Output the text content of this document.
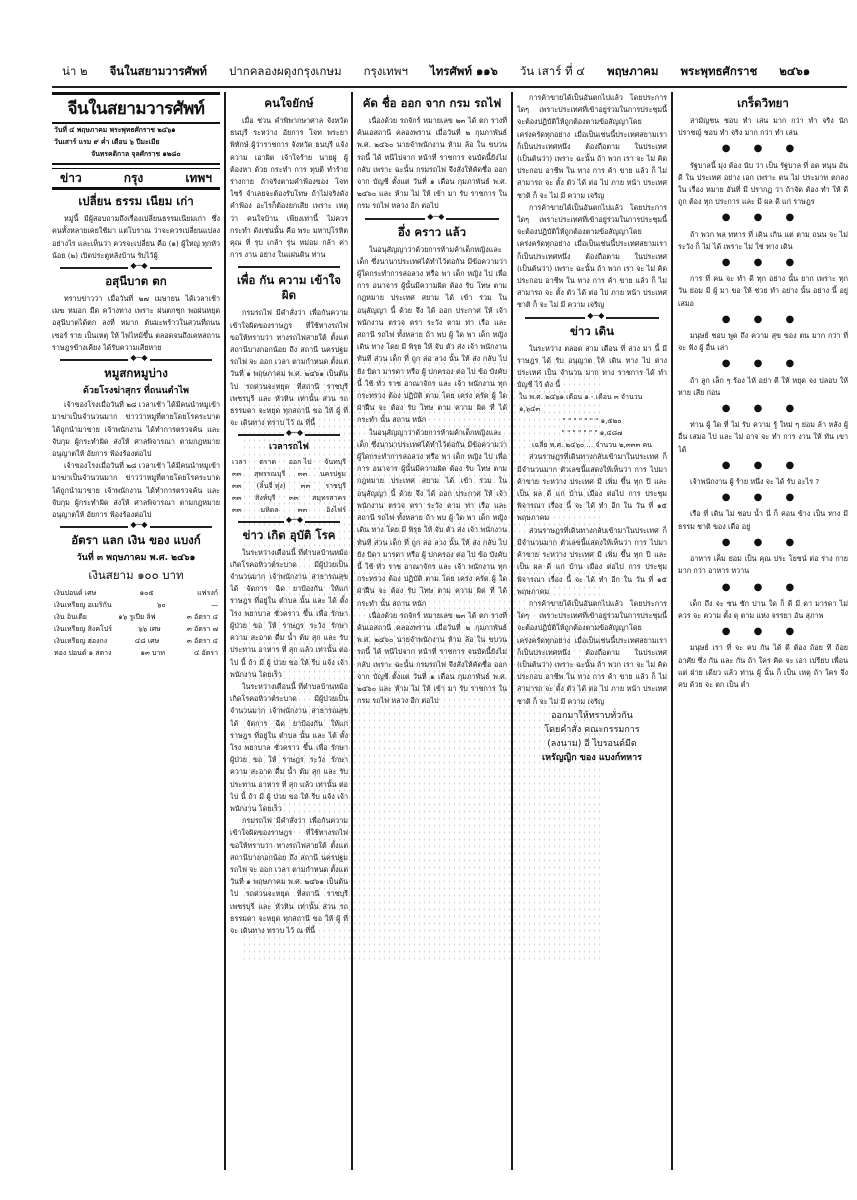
น่า ๒ จีนในสยามวารศัพท์ ปากคลองผดุงกรุงเกษม กรุงเทพฯ ไทรศัพท์ ๑๑๖ วัน เสาร์ ที่ ๔ พฤษภาคม พระพุทธศักราช ๒๔๖๑
จีนในสยามวารศัพท์
วันที่ ๔ พฤษภาคม พระพุทธศักราช ๒๔๖๑
วันเสาร์ แรม ๙ ค่ำ เดือน ๖ ปีมะเมีย
จันทรคติกาล จุลศักราช ๑๒๘๐
ข่าว	กรุง	เทพฯ
เปลี่ยน ธรรม เนียม เก่า

หมู่นี้ มีผู้สอบถามถึงเรื่องเปลี่ยนธรรมเนียมเก่า ซึ่งคนทั้งหลายเคยใช้มา แต่โบราณ ว่าจะควรเปลี่ยนแปลงอย่างไร และเห็นว่า ควรจะเปลี่ยน คือ (๑) ผู้ใหญ่ ทุกหัว น้อย (๒) เปิดประตูหลังบ้าน รับไว้ผู้

◆─◆
อสุนีบาต ตก

ทราบข่าวว่า เมื่อวันที่ ๒๗ เมษายน ได้เวลาเช้า เมฆ หมอก มืด คว้างทาง เพราะ ฝนตกชุก พอฝนหยุด อสุนีบาตได้ตก ลงที่ หมาก ต้นมะพร้าวในสวนที่ถนนเซอร์ ราย เป็นเหตุ ให้ ไฟไหม้ขึ้น ตลอดจนถึงเคหสถาน ราษฎรข้างเคียง ได้รับความเสียหาย

◆─◆
หมูสกหมูบ่าง
ด้วยโรงฆ่าสุกร ที่ถนนตำไพ

เจ้าของโรงเมื่อวันที่ ๒๘ เวลาเช้า ได้มีคนนำหมูเข้ามาฆ่าเป็นจำนวนมาก ข่าวว่าหมูที่ตายโดยโรคระบาด ได้ถูกนำมาขาย เจ้าพนักงาน ได้ทำการตรวจค้น และจับกุม ผู้กระทำผิด ส่งให้ ศาลพิจารณา ตามกฎหมาย อนุญาตให้ อัยการ ฟ้องร้องต่อไป

เจ้าของโรงเมื่อวันที่ ๒๘ เวลาเช้า ได้มีคนนำหมูเข้ามาฆ่าเป็นจำนวนมาก ข่าวว่าหมูที่ตายโดยโรคระบาด ได้ถูกนำมาขาย เจ้าพนักงาน ได้ทำการตรวจค้น และจับกุม ผู้กระทำผิด ส่งให้ ศาลพิจารณา ตามกฎหมาย อนุญาตให้ อัยการ ฟ้องร้องต่อไป

◆─◆
อัตรา แลก เงิน ของ แบงก์
วันที่ ๓ พฤษภาคม พ.ศ. ๒๔๖๑
เงินสยาม ๑๐๐ บาท
เงินปอนด์ เศษ	๑๐๕	แฟรงก์
เงินเหรียญ อเมริกัน	๖๐	—
เงิน อินเดีย	๑๖ รูเปีย ลิฟ	๓ อัตรา ๔
เงินเหรียญ สิงคโปร์	๖๖ เศษ	๓ อัตรา ๗
เงินเหรียญ ฮ่องกง	๔๘ เศษ	๓ อัตรา ๔
ทอง ปอนด์ ๑ สตาง	๑๓ บาท	๔ อัตรา
คนใจยักษ์

เมื่อ ช่วน คำพิพากษาศาล จังหวัด ธนบุรี ระหว่าง อัยการ โจท พระยา พิทักษ์ ผู้ว่าราชการ จังหวัด ธนบุรี แจ้ง ความ เอาผิด เจ้าใจร้าย นายฝู ผู้ ต้องหา ด้วย กระทำ การ ทุบตี ทำร้าย ร่างกาย ถ้าจริงตามคำฟ้องของ โจท ไซร้ จำเลยจะต้องรับโทษ ถ้าไม่จริงดังคำฟ้อง อะไรก็ต้องยกเสีย เพราะ เหตุ ว่า คนใจบ้าน เพียงเท่านี้ ไม่ควรกระทำ ดังเช่นนั้น คือ พระ มหาปุโรหิต คุณ ที่ รุบ เกล้า รุ่น หม่อม กล้า ค่า การ งาน อย่าง ในแผ่นดิน ท่าน

เพื่อ กัน ความ เข้าใจ ผิด

กรมรถไฟ มีคำสั่งว่า เพื่อกันความเข้าใจผิดของราษฎร ที่ใช้ทางรถไฟ ขอให้ทราบว่า ทางรถไฟสายใต้ ตั้งแต่ สถานีบางกอกน้อย ถึง สถานี นครปฐม รถไฟ จะ ออก เวลา ตามกำหนด ตั้งแต่วันที่ ๑ พฤษภาคม พ.ศ. ๒๔๖๑ เป็นต้นไป รถด่วนจะหยุด ที่สถานี ราชบุรี เพชรบุรี และ หัวหิน เท่านั้น ส่วน รถธรรมดา จะหยุด ทุกสถานี ขอ ให้ ผู้ ที่ จะ เดินทาง ทราบ ไว้ ณ ที่นี้

◆─◆
เวลารถไฟ
เวลา ตราด ออก ไป จันทบุรี
๓๓ สุพรรณบุรี ๓๓ นครปฐม
๓๓ (ลิ้นจี่ ทุ่ง) ๓๓ ราชบุรี
๓๓ สิงห์บุรี ๓๓ สมุทรสาคร
๓๓	มหิดล	๓๓	อิงไฟร์
◆─◆
ข่าว เกิด อุบัติ โรค

ในระหว่างเดือนนี้ ที่ตำบลบ้านหม้อ เกิดโรคอหิวาต์ระบาด มีผู้ป่วยเป็นจำนวนมาก เจ้าพนักงาน สาธารณสุข ได้ จัดการ ฉีด ยาป้องกัน ให้แก่ ราษฎร ที่อยู่ใน ตำบล นั้น และ ได้ ตั้ง โรง พยาบาล ชั่วคราว ขึ้น เพื่อ รักษา ผู้ป่วย ขอ ให้ ราษฎร ระวัง รักษา ความ สะอาด ดื่ม น้ำ ต้ม สุก และ รับประทาน อาหาร ที่ สุก แล้ว เท่านั้น ต่อ ไป นี้ ถ้า มี ผู้ ป่วย ขอ ให้ รีบ แจ้ง เจ้าพนักงาน โดยเร็ว

ในระหว่างเดือนนี้ ที่ตำบลบ้านหม้อ เกิดโรคอหิวาต์ระบาด มีผู้ป่วยเป็นจำนวนมาก เจ้าพนักงาน สาธารณสุข ได้ จัดการ ฉีด ยาป้องกัน ให้แก่ ราษฎร ที่อยู่ใน ตำบล นั้น และ ได้ ตั้ง โรง พยาบาล ชั่วคราว ขึ้น เพื่อ รักษา ผู้ป่วย ขอ ให้ ราษฎร ระวัง รักษา ความ สะอาด ดื่ม น้ำ ต้ม สุก และ รับประทาน อาหาร ที่ สุก แล้ว เท่านั้น ต่อ ไป นี้ ถ้า มี ผู้ ป่วย ขอ ให้ รีบ แจ้ง เจ้าพนักงาน โดยเร็ว

กรมรถไฟ มีคำสั่งว่า เพื่อกันความเข้าใจผิดของราษฎร ที่ใช้ทางรถไฟ ขอให้ทราบว่า ทางรถไฟสายใต้ ตั้งแต่ สถานีบางกอกน้อย ถึง สถานี นครปฐม รถไฟ จะ ออก เวลา ตามกำหนด ตั้งแต่วันที่ ๑ พฤษภาคม พ.ศ. ๒๔๖๑ เป็นต้นไป รถด่วนจะหยุด ที่สถานี ราชบุรี เพชรบุรี และ หัวหิน เท่านั้น ส่วน รถธรรมดา จะหยุด ทุกสถานี ขอ ให้ ผู้ ที่ จะ เดินทาง ทราบ ไว้ ณ ที่นี้

คัด ชื่อ ออก จาก กรม รถไฟ

เนื่องด้วย รถจักร์ หมายเลข ๒๓ ได้ ตก รางที่ค้นเอสถานี คลองพราน เมื่อวันที่ ๒ กุมภาพันธ์ พ.ศ. ๒๔๖๐ นายจำพนักงาน ห้าม ล้อ ใน ขบวน รถนี้ ได้ หนีไปจาก หน้าที่ ราชการ จนบัดนี้ยังไม่กลับ เพราะ ฉะนั้น กรมรถไฟ จึงสั่งให้คัดชื่อ ออกจาก บัญชี ตั้งแต่ วันที่ ๑ เดือน กุมภาพันธ์ พ.ศ. ๒๔๖๐ และ ห้าม ไม่ ให้ เข้า มา รับ ราชการ ใน กรม รถไฟ หลวง อีก ต่อไป

◆─◆
อึ่ง คราว แล้ว

ในอนุสัญญาว่าด้วยการห้ามค้าเด็กหญิงและเด็ก ซึ่งนานาประเทศได้ทำไว้ต่อกัน มีข้อความว่า ผู้ใดกระทำการล่อลวง หรือ พา เด็ก หญิง ไป เพื่อ การ อนาจาร ผู้นั้นมีความผิด ต้อง รับ โทษ ตาม กฎหมาย ประเทศ สยาม ได้ เข้า ร่วม ใน อนุสัญญา นี้ ด้วย จึง ได้ ออก ประกาศ ให้ เจ้าพนักงาน ตรวจ ตรา ระวัง ตาม ท่า เรือ และ สถานี รถไฟ ทั้งหลาย ถ้า พบ ผู้ ใด พา เด็ก หญิง เดิน ทาง โดย มี พิรุธ ให้ จับ ตัว ส่ง เจ้า พนักงาน ทันที ส่วน เด็ก ที่ ถูก ล่อ ลวง นั้น ให้ ส่ง กลับ ไป ยัง บิดา มารดา หรือ ผู้ ปกครอง ต่อ ไป ข้อ บังคับ นี้ ใช้ ทั่ว ราช อาณาจักร และ เจ้า พนักงาน ทุก กระทรวง ต้อง ปฏิบัติ ตาม โดย เคร่ง ครัด ผู้ ใด ฝ่าฝืน จะ ต้อง รับ โทษ ตาม ความ ผิด ที่ ได้ กระทำ นั้น สถาน หนัก

ในอนุสัญญาว่าด้วยการห้ามค้าเด็กหญิงและเด็ก ซึ่งนานาประเทศได้ทำไว้ต่อกัน มีข้อความว่า ผู้ใดกระทำการล่อลวง หรือ พา เด็ก หญิง ไป เพื่อ การ อนาจาร ผู้นั้นมีความผิด ต้อง รับ โทษ ตาม กฎหมาย ประเทศ สยาม ได้ เข้า ร่วม ใน อนุสัญญา นี้ ด้วย จึง ได้ ออก ประกาศ ให้ เจ้าพนักงาน ตรวจ ตรา ระวัง ตาม ท่า เรือ และ สถานี รถไฟ ทั้งหลาย ถ้า พบ ผู้ ใด พา เด็ก หญิง เดิน ทาง โดย มี พิรุธ ให้ จับ ตัว ส่ง เจ้า พนักงาน ทันที ส่วน เด็ก ที่ ถูก ล่อ ลวง นั้น ให้ ส่ง กลับ ไป ยัง บิดา มารดา หรือ ผู้ ปกครอง ต่อ ไป ข้อ บังคับ นี้ ใช้ ทั่ว ราช อาณาจักร และ เจ้า พนักงาน ทุก กระทรวง ต้อง ปฏิบัติ ตาม โดย เคร่ง ครัด ผู้ ใด ฝ่าฝืน จะ ต้อง รับ โทษ ตาม ความ ผิด ที่ ได้ กระทำ นั้น สถาน หนัก

เนื่องด้วย รถจักร์ หมายเลข ๒๓ ได้ ตก รางที่ค้นเอสถานี คลองพราน เมื่อวันที่ ๒ กุมภาพันธ์ พ.ศ. ๒๔๖๐ นายจำพนักงาน ห้าม ล้อ ใน ขบวน รถนี้ ได้ หนีไปจาก หน้าที่ ราชการ จนบัดนี้ยังไม่กลับ เพราะ ฉะนั้น กรมรถไฟ จึงสั่งให้คัดชื่อ ออกจาก บัญชี ตั้งแต่ วันที่ ๑ เดือน กุมภาพันธ์ พ.ศ. ๒๔๖๐ และ ห้าม ไม่ ให้ เข้า มา รับ ราชการ ใน กรม รถไฟ หลวง อีก ต่อไป

การค้าขายได้เป็นอันตกไปแล้ว โดยประการใดๆ เพราะประเทศที่เข้าอยู่ร่วมในการประชุมนี้ จะต้องปฏิบัติให้ถูกต้องตามข้อสัญญาโดยเคร่งครัดทุกอย่าง เมื่อเป็นเช่นนี้ประเทศสยามเราก็เป็นประเทศหนึ่ง ต้องถือตาม ในประเทศ (เป็นต้นว่า) เพราะ ฉะนั้น ถ้า พวก เรา จะ ไม่ คิด ประกอบ อาชีพ ใน ทาง การ ค้า ขาย แล้ว ก็ ไม่ สามารถ จะ ตั้ง ตัว ได้ ต่อ ไป ภาย หน้า ประเทศ ชาติ ก็ จะ ไม่ มี ความ เจริญ

การค้าขายได้เป็นอันตกไปแล้ว โดยประการใดๆ เพราะประเทศที่เข้าอยู่ร่วมในการประชุมนี้ จะต้องปฏิบัติให้ถูกต้องตามข้อสัญญาโดยเคร่งครัดทุกอย่าง เมื่อเป็นเช่นนี้ประเทศสยามเราก็เป็นประเทศหนึ่ง ต้องถือตาม ในประเทศ (เป็นต้นว่า) เพราะ ฉะนั้น ถ้า พวก เรา จะ ไม่ คิด ประกอบ อาชีพ ใน ทาง การ ค้า ขาย แล้ว ก็ ไม่ สามารถ จะ ตั้ง ตัว ได้ ต่อ ไป ภาย หน้า ประเทศ ชาติ ก็ จะ ไม่ มี ความ เจริญ

◆─◆
ข่าว เดิน

ในระหว่าง ตลอด สาม เดือน ที่ ล่วง มา นี้ มี ราษฎร ได้ รับ อนุญาต ให้ เดิน ทาง ไป ต่าง ประเทศ เป็น จำนวน มาก ทาง ราชการ ได้ ทำ บัญชี ไว้ ดัง นี้

ใน พ.ศ. ๒๔๖๑ เดือน ๑ - เดือน ๓ จำนวน ๑,๖๔๓
" " " " " " " ๑,๕๒๐
" " " " " " " ๑,๔๘๗
เฉลี่ย พ.ศ. ๒๔๖๐ ... จำนวน ๒,๓๓๓ คน

ส่วนราษฎรที่เดินทางกลับเข้ามาในประเทศ ก็มีจำนวนมาก ตัวเลขนี้แสดงให้เห็นว่า การ ไปมา ค้าขาย ระหว่าง ประเทศ มี เพิ่ม ขึ้น ทุก ปี และ เป็น ผล ดี แก่ บ้าน เมือง ต่อไป การ ประชุม พิจารณา เรื่อง นี้ จะ ได้ ทำ อีก ใน วัน ที่ ๑๕ พฤษภาคม

ส่วนราษฎรที่เดินทางกลับเข้ามาในประเทศ ก็มีจำนวนมาก ตัวเลขนี้แสดงให้เห็นว่า การ ไปมา ค้าขาย ระหว่าง ประเทศ มี เพิ่ม ขึ้น ทุก ปี และ เป็น ผล ดี แก่ บ้าน เมือง ต่อไป การ ประชุม พิจารณา เรื่อง นี้ จะ ได้ ทำ อีก ใน วัน ที่ ๑๕ พฤษภาคม

การค้าขายได้เป็นอันตกไปแล้ว โดยประการใดๆ เพราะประเทศที่เข้าอยู่ร่วมในการประชุมนี้ จะต้องปฏิบัติให้ถูกต้องตามข้อสัญญาโดยเคร่งครัดทุกอย่าง เมื่อเป็นเช่นนี้ประเทศสยามเราก็เป็นประเทศหนึ่ง ต้องถือตาม ในประเทศ (เป็นต้นว่า) เพราะ ฉะนั้น ถ้า พวก เรา จะ ไม่ คิด ประกอบ อาชีพ ใน ทาง การ ค้า ขาย แล้ว ก็ ไม่ สามารถ จะ ตั้ง ตัว ได้ ต่อ ไป ภาย หน้า ประเทศ ชาติ ก็ จะ ไม่ มี ความ เจริญ

ออกมาให้ทราบทั่วกัน
โดยคำสั่ง คณะกรรมการ
(ลงนาม) อี ไบรอนด์มีด
เหรัญญิก ของ แบงก์ทหาร
เกร็ดวิทยา

สามัญชน ชอบ ทำ เล่น มาก กว่า ทำ จริง นักปราชญ์ ชอบ ทำ จริง มาก กว่า ทำ เล่น

● ● ●

รัฐบาลนี้ มุ่ง ต้อง นับ ว่า เป็น รัฐบาล ที่ อด หนุน อัน ดี ใน ประเทศ อย่าง เอก เพราะ ตน ไม่ ประมาท ตกลง ใน เรื่อง หมาย อันที่ มี ปรากฏ ว่า ถ้าจัด ต้อง ทำ ให้ ดี ถูก ต้อง ทุก ประการ และ มี ผล ดี แก่ ราษฎร

● ● ●

ถ้า พวก พล ทหาร ที่ เดิน เกิน แต่ ตาม ถนน จะ ไม่ ระวัง ก็ ไม่ ได้ เพราะ ไม่ ใช่ ทาง เดิน

● ● ●

การ ที่ คน จะ ทำ ดี ทุก อย่าง นั้น ยาก เพราะ ทุก วัน ย่อม มี ผู้ มา ขอ ให้ ช่วย ทำ อย่าง นั้น อย่าง นี้ อยู่ เสมอ

● ● ●

มนุษย์ ชอบ พูด ถึง ความ สุข ของ ตน มาก กว่า ที่ จะ ฟัง ผู้ อื่น เล่า

● ● ●

ถ้า ลูก เล็ก ๆ ร้อง ไห้ อย่า ตี ให้ หยุด จง ปลอบ ให้ หาย เสีย ก่อน

● ● ●

ท่าน ผู้ ใด ที่ ไม่ รับ ความ รู้ ใหม่ ๆ ย่อม ล้า หลัง ผู้ อื่น เสมอ ไป และ ไม่ อาจ จะ ทำ การ งาน ให้ ทัน เขา ได้

● ● ●

เจ้าพนักงาน ผู้ ร้าย หนึ่ง จะ ได้ รับ อะไร ?

● ● ●

เรือ ที่ เดิน ไม่ ชอบ น้ำ นี่ ก็ ค่อน ข้าง เป็น ทาง มี ธรรม ชาติ ของ เดือ อยู่

● ● ●

อาหาร เค็ม ย่อม เป็น คุณ ประ โยชน์ ต่อ ร่าง กาย มาก กว่า อาหาร หวาน

● ● ●

เด็ก ถึง จะ ซน ซัก ปาน ใด ก็ ดี มี ดา มารดา ไม่ ควร จะ ความ ตั้ง ดุ ตาม แห่ง จรรยา อัน สุภาพ

● ● ●

มนุษย์ เรา ที่ จะ คบ กัน ได้ ดี ต้อง ถ้อย ที ถ้อย อาศัย ซึ่ง กัน และ กัน ถ้า ใคร คิด จะ เอา เปรียบ เพื่อน แต่ ฝ่าย เดียว แล้ว ท่าน ผู้ นั้น ก็ เป็น เหตุ ถ้า ใคร จึ่ง คบ ด้วย จะ ตก เป็น ต่ำ
